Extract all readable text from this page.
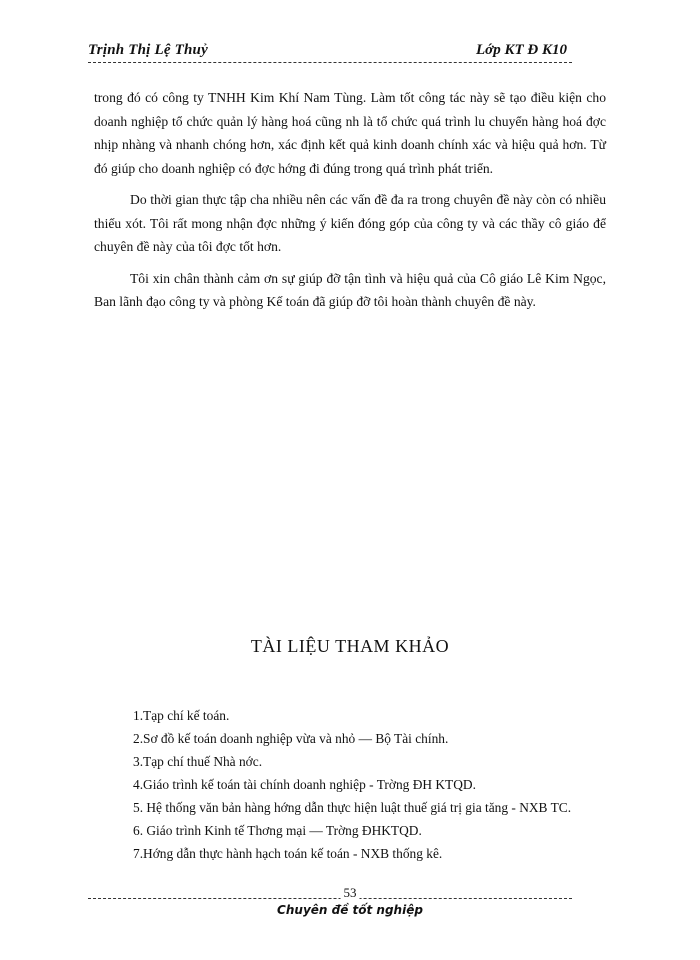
Trịnh Thị Lệ Thuỷ	Lớp KT Đ K10

trong đó có công ty TNHH Kim Khí Nam Tùng. Làm tốt công tác này sẽ tạo điều kiện cho doanh nghiệp tổ chức quản lý hàng hoá cũng nh là tổ chức quá trình lu chuyển hàng hoá đợc nhịp nhàng và nhanh chóng hơn, xác định kết quả kinh doanh chính xác và hiệu quả hơn. Từ đó giúp cho doanh nghiệp có đợc hớng đi đúng trong quá trình phát triển.

Do thời gian thực tập cha nhiều nên các vấn đề đa ra trong chuyên đề này còn có nhiều thiếu xót. Tôi rất mong nhận đợc những ý kiến đóng góp của công ty và các thầy cô giáo để chuyên đề này của tôi đợc tốt hơn.

Tôi xin chân thành cảm ơn sự giúp đỡ tận tình và hiệu quả của Cô giáo Lê Kim Ngọc, Ban lãnh đạo công ty và phòng Kế toán đã giúp đỡ tôi hoàn thành chuyên đề này.

TÀI LIỆU THAM KHẢO
1.Tạp chí kế toán.
2.Sơ đồ kế toán doanh nghiệp vừa và nhỏ — Bộ Tài chính.
3.Tạp chí thuế Nhà nớc.
4.Giáo trình kế toán tài chính doanh nghiệp - Trờng ĐH KTQD.
5. Hệ thống văn bản hàng hớng dẫn thực hiện luật thuế giá trị gia tăng - NXB TC.
6. Giáo trình Kinh tế Thơng mại — Trờng ĐHKTQD.
7.Hớng dẫn thực hành hạch toán kế toán - NXB thống kê.
53
Chuyên đề tốt nghiệp
